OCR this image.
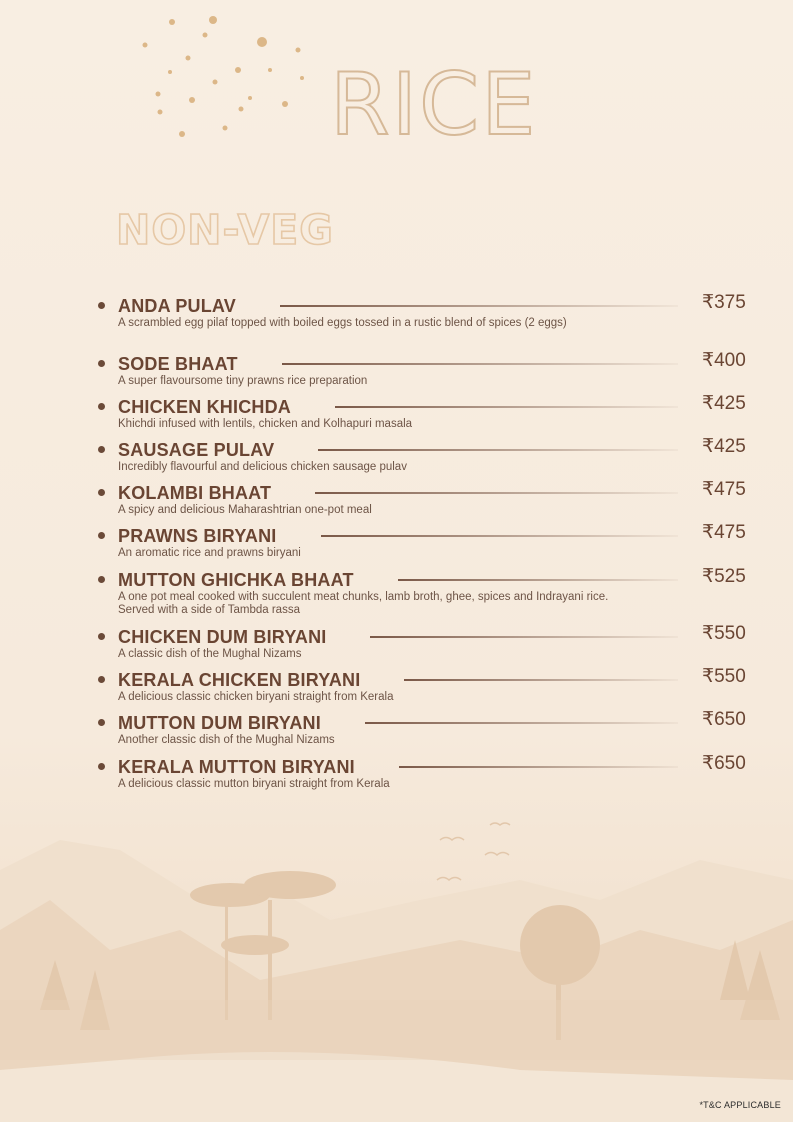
RICE
NON-VEG
ANDA PULAV	₹375
A scrambled egg pilaf topped with boiled eggs tossed in a rustic blend of spices (2 eggs)
SODE BHAAT	₹400
A super flavoursome tiny prawns rice preparation
CHICKEN KHICHDA	₹425
Khichdi infused with lentils, chicken and Kolhapuri masala
SAUSAGE PULAV	₹425
Incredibly flavourful and delicious chicken sausage pulav
KOLAMBI BHAAT	₹475
A spicy and delicious Maharashtrian one-pot meal
PRAWNS BIRYANI	₹475
An aromatic rice and prawns biryani
MUTTON GHICHKA BHAAT	₹525
A one pot meal cooked with succulent meat chunks, lamb broth, ghee, spices and Indrayani rice. Served with a side of Tambda rassa
CHICKEN DUM BIRYANI	₹550
A classic dish of the Mughal Nizams
KERALA CHICKEN BIRYANI	₹550
A delicious classic chicken biryani straight from Kerala
MUTTON DUM BIRYANI	₹650
Another classic dish of the Mughal Nizams
KERALA MUTTON BIRYANI	₹650
A delicious classic mutton biryani straight from Kerala
*T&C APPLICABLE
